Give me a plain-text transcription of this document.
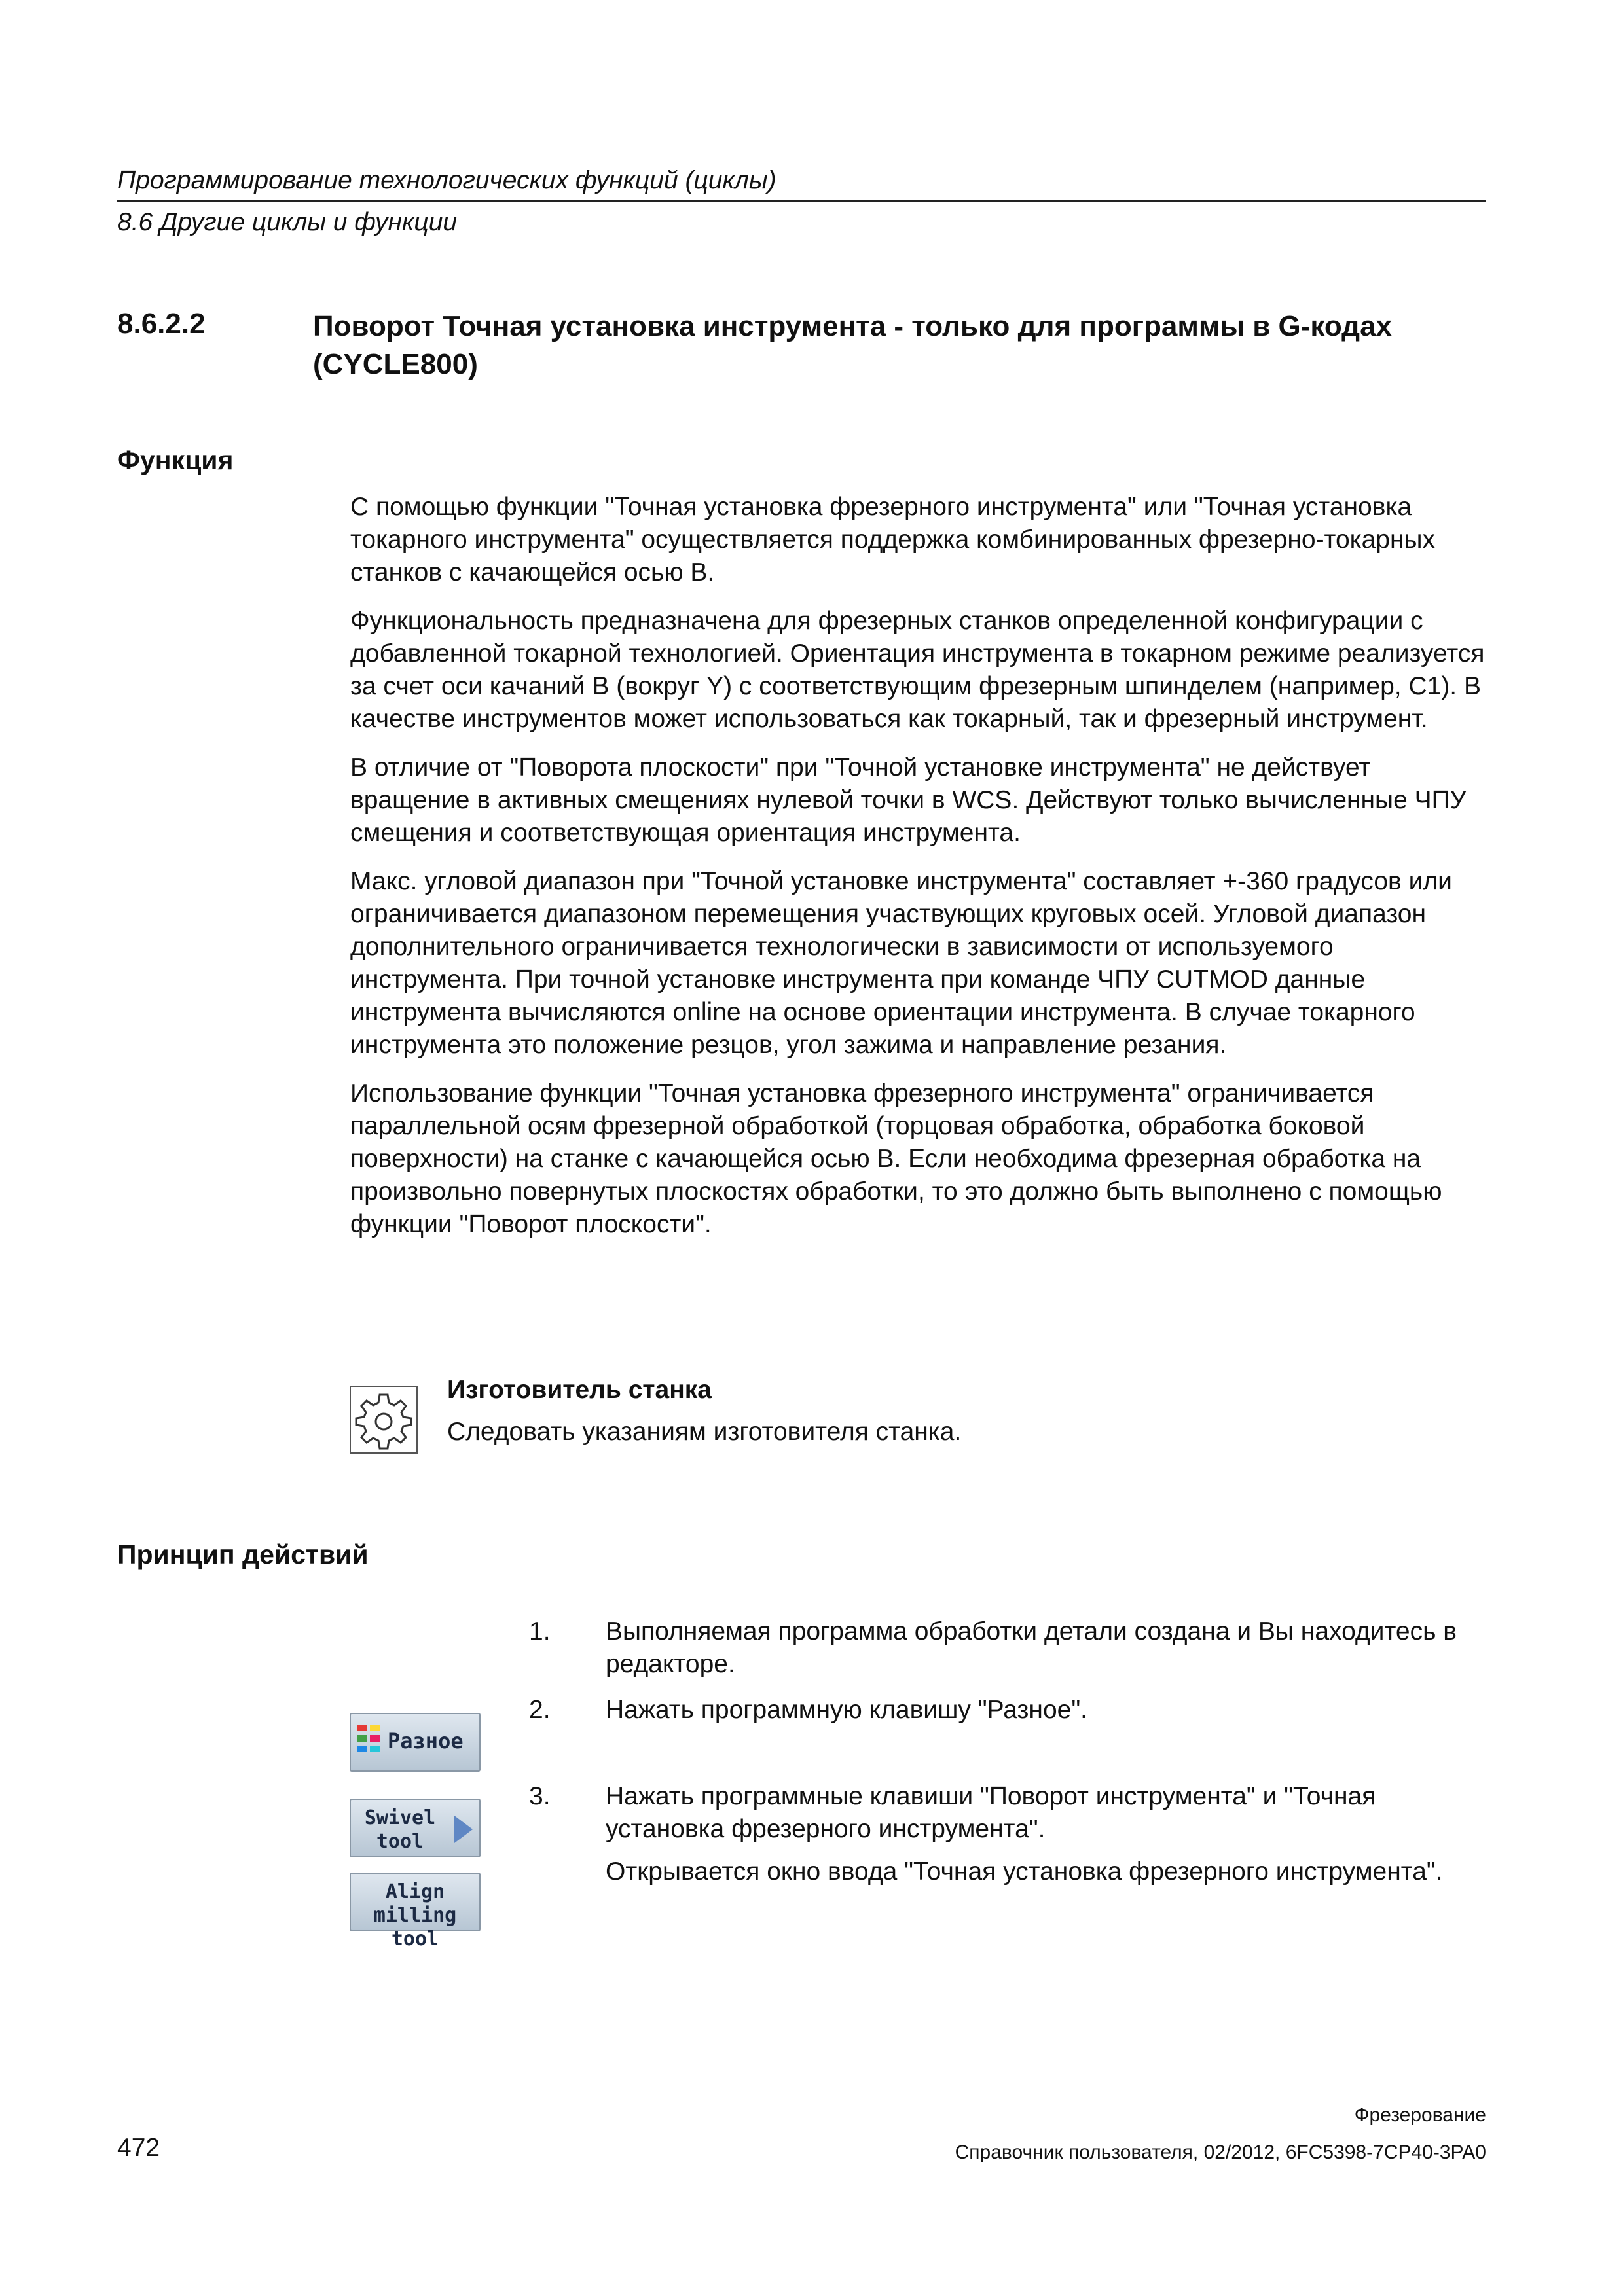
Программирование технологических функций (циклы)
8.6 Другие циклы и функции
8.6.2.2	Поворот Точная установка инструмента - только для программы в G-кодах (CYCLE800)
Функция

С помощью функции "Точная установка фрезерного инструмента" или "Точная установка токарного инструмента" осуществляется поддержка комбинированных фрезерно-токарных станков с качающейся осью B.

Функциональность предназначена для фрезерных станков определенной конфигурации с добавленной токарной технологией. Ориентация инструмента в токарном режиме реализуется за счет оси качаний B (вокруг Y) с соответствующим фрезерным шпинделем (например, С1). В качестве инструментов может использоваться как токарный, так и фрезерный инструмент.

В отличие от "Поворота плоскости" при "Точной установке инструмента" не действует вращение в активных смещениях нулевой точки в WCS. Действуют только вычисленные ЧПУ смещения и соответствующая ориентация инструмента.

Макс. угловой диапазон при "Точной установке инструмента" составляет +-360 градусов или ограничивается диапазоном перемещения участвующих круговых осей. Угловой диапазон дополнительного ограничивается технологически в зависимости от используемого инструмента. При точной установке инструмента при команде ЧПУ CUTMOD данные инструмента вычисляются online на основе ориентации инструмента. В случае токарного инструмента это положение резцов, угол зажима и направление резания.

Использование функции "Точная установка фрезерного инструмента" ограничивается параллельной осям фрезерной обработкой (торцовая обработка, обработка боковой поверхности) на станке с качающейся осью B. Если необходима фрезерная обработка на произвольно повернутых плоскостях обработки, то это должно быть выполнено с помощью функции "Поворот плоскости".

Изготовитель станка
Следовать указаниям изготовителя станка.
Принцип действий
1.	Выполняемая программа обработки детали создана и Вы находитесь в редакторе.
2.	Нажать программную клавишу "Разное".
3.	Нажать программные клавиши "Поворот инструмента" и "Точная установка фрезерного инструмента".
Открывается окно ввода "Точная установка фрезерного инструмента".
Разное
Swivel
tool
Align
milling tool
Фрезерование
472	Справочник пользователя, 02/2012, 6FC5398-7CP40-3PA0
